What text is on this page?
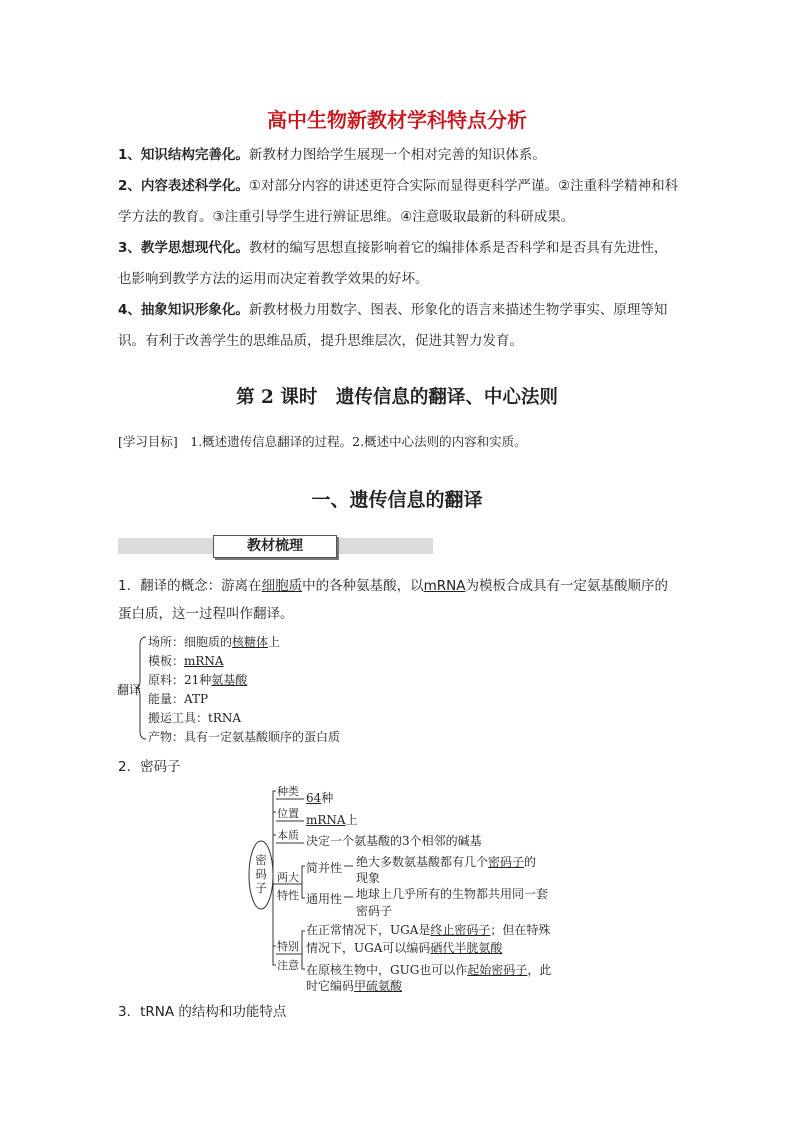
高中生物新教材学科特点分析
1、知识结构完善化。新教材力图给学生展现一个相对完善的知识体系。
2、内容表述科学化。①对部分内容的讲述更符合实际而显得更科学严谨。②注重科学精神和科学方法的教育。③注重引导学生进行辨证思维。④注意吸取最新的科研成果。
3、教学思想现代化。教材的编写思想直接影响着它的编排体系是否科学和是否具有先进性，也影响到教学方法的运用而决定着教学效果的好坏。
4、抽象知识形象化。新教材极力用数字、图表、形象化的语言来描述生物学事实、原理等知识。有利于改善学生的思维品质，提升思维层次，促进其智力发育。
第 2 课时　遗传信息的翻译、中心法则
[学习目标]　1.概述遗传信息翻译的过程。2.概述中心法则的内容和实质。
一、遗传信息的翻译
教材梳理
1．翻译的概念：游离在细胞质中的各种氨基酸，以mRNA为模板合成具有一定氨基酸顺序的蛋白质，这一过程叫作翻译。
翻译
场所：细胞质的核糖体上
模板：mRNA
原料：21种氨基酸
能量：ATP
搬运工具：tRNA
产物：具有一定氨基酸顺序的蛋白质
2．密码子
密码子
种类 64种
位置 mRNA上
本质 决定一个氨基酸的3个相邻的碱基
两大
特性
简并性 绝大多数氨基酸都有几个密码子的
现象
通用性 地球上几乎所有的生物都共用同一套
密码子
特别
注意
在正常情况下，UGA是终止密码子；但在特殊
情况下，UGA可以编码硒代半胱氨酸
在原核生物中，GUG也可以作起始密码子，此
时它编码甲硫氨酸
3．tRNA 的结构和功能特点
